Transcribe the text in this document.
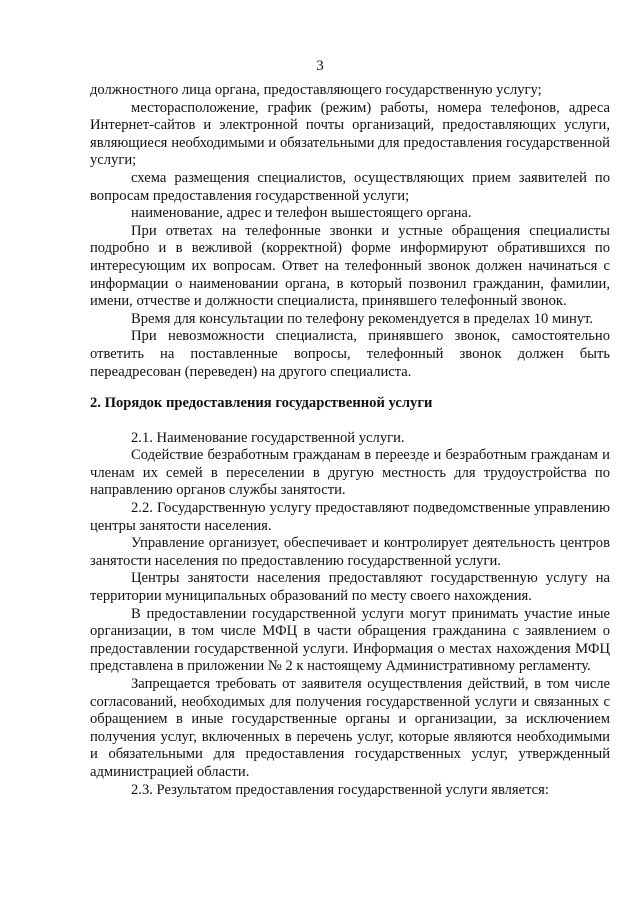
3

должностного лица органа, предоставляющего государственную услугу;

месторасположение, график (режим) работы, номера телефонов, адреса Интернет-сайтов и электронной почты организаций, предоставляющих услуги, являющиеся необходимыми и обязательными для предоставления государственной услуги;

схема размещения специалистов, осуществляющих прием заявителей по вопросам предоставления государственной услуги;

наименование, адрес и телефон вышестоящего органа.

При ответах на телефонные звонки и устные обращения специалисты подробно и в вежливой (корректной) форме информируют обратившихся по интересующим их вопросам. Ответ на телефонный звонок должен начинаться с информации о наименовании органа, в который позвонил гражданин, фамилии, имени, отчестве и должности специалиста, принявшего телефонный звонок.

Время для консультации по телефону рекомендуется в пределах 10 минут.

При невозможности специалиста, принявшего звонок, самостоятельно ответить на поставленные вопросы, телефонный звонок должен быть переадресован (переведен) на другого специалиста.

2. Порядок предоставления государственной услуги

2.1. Наименование государственной услуги.

Содействие безработным гражданам в переезде и безработным гражданам и членам их семей в переселении в другую местность для трудоустройства по направлению органов службы занятости.

2.2. Государственную услугу предоставляют подведомственные управлению центры занятости населения.

Управление организует, обеспечивает и контролирует деятельность центров занятости населения по предоставлению государственной услуги.

Центры занятости населения предоставляют государственную услугу на территории муниципальных образований по месту своего нахождения.

В предоставлении государственной услуги могут принимать участие иные организации, в том числе МФЦ в части обращения гражданина с заявлением о предоставлении государственной услуги. Информация о местах нахождения МФЦ представлена в приложении № 2 к настоящему Административному регламенту.

Запрещается требовать от заявителя осуществления действий, в том числе согласований, необходимых для получения государственной услуги и связанных с обращением в иные государственные органы и организации, за исключением получения услуг, включенных в перечень услуг, которые являются необходимыми и обязательными для предоставления государственных услуг, утвержденный администрацией области.

2.3. Результатом предоставления государственной услуги является:
